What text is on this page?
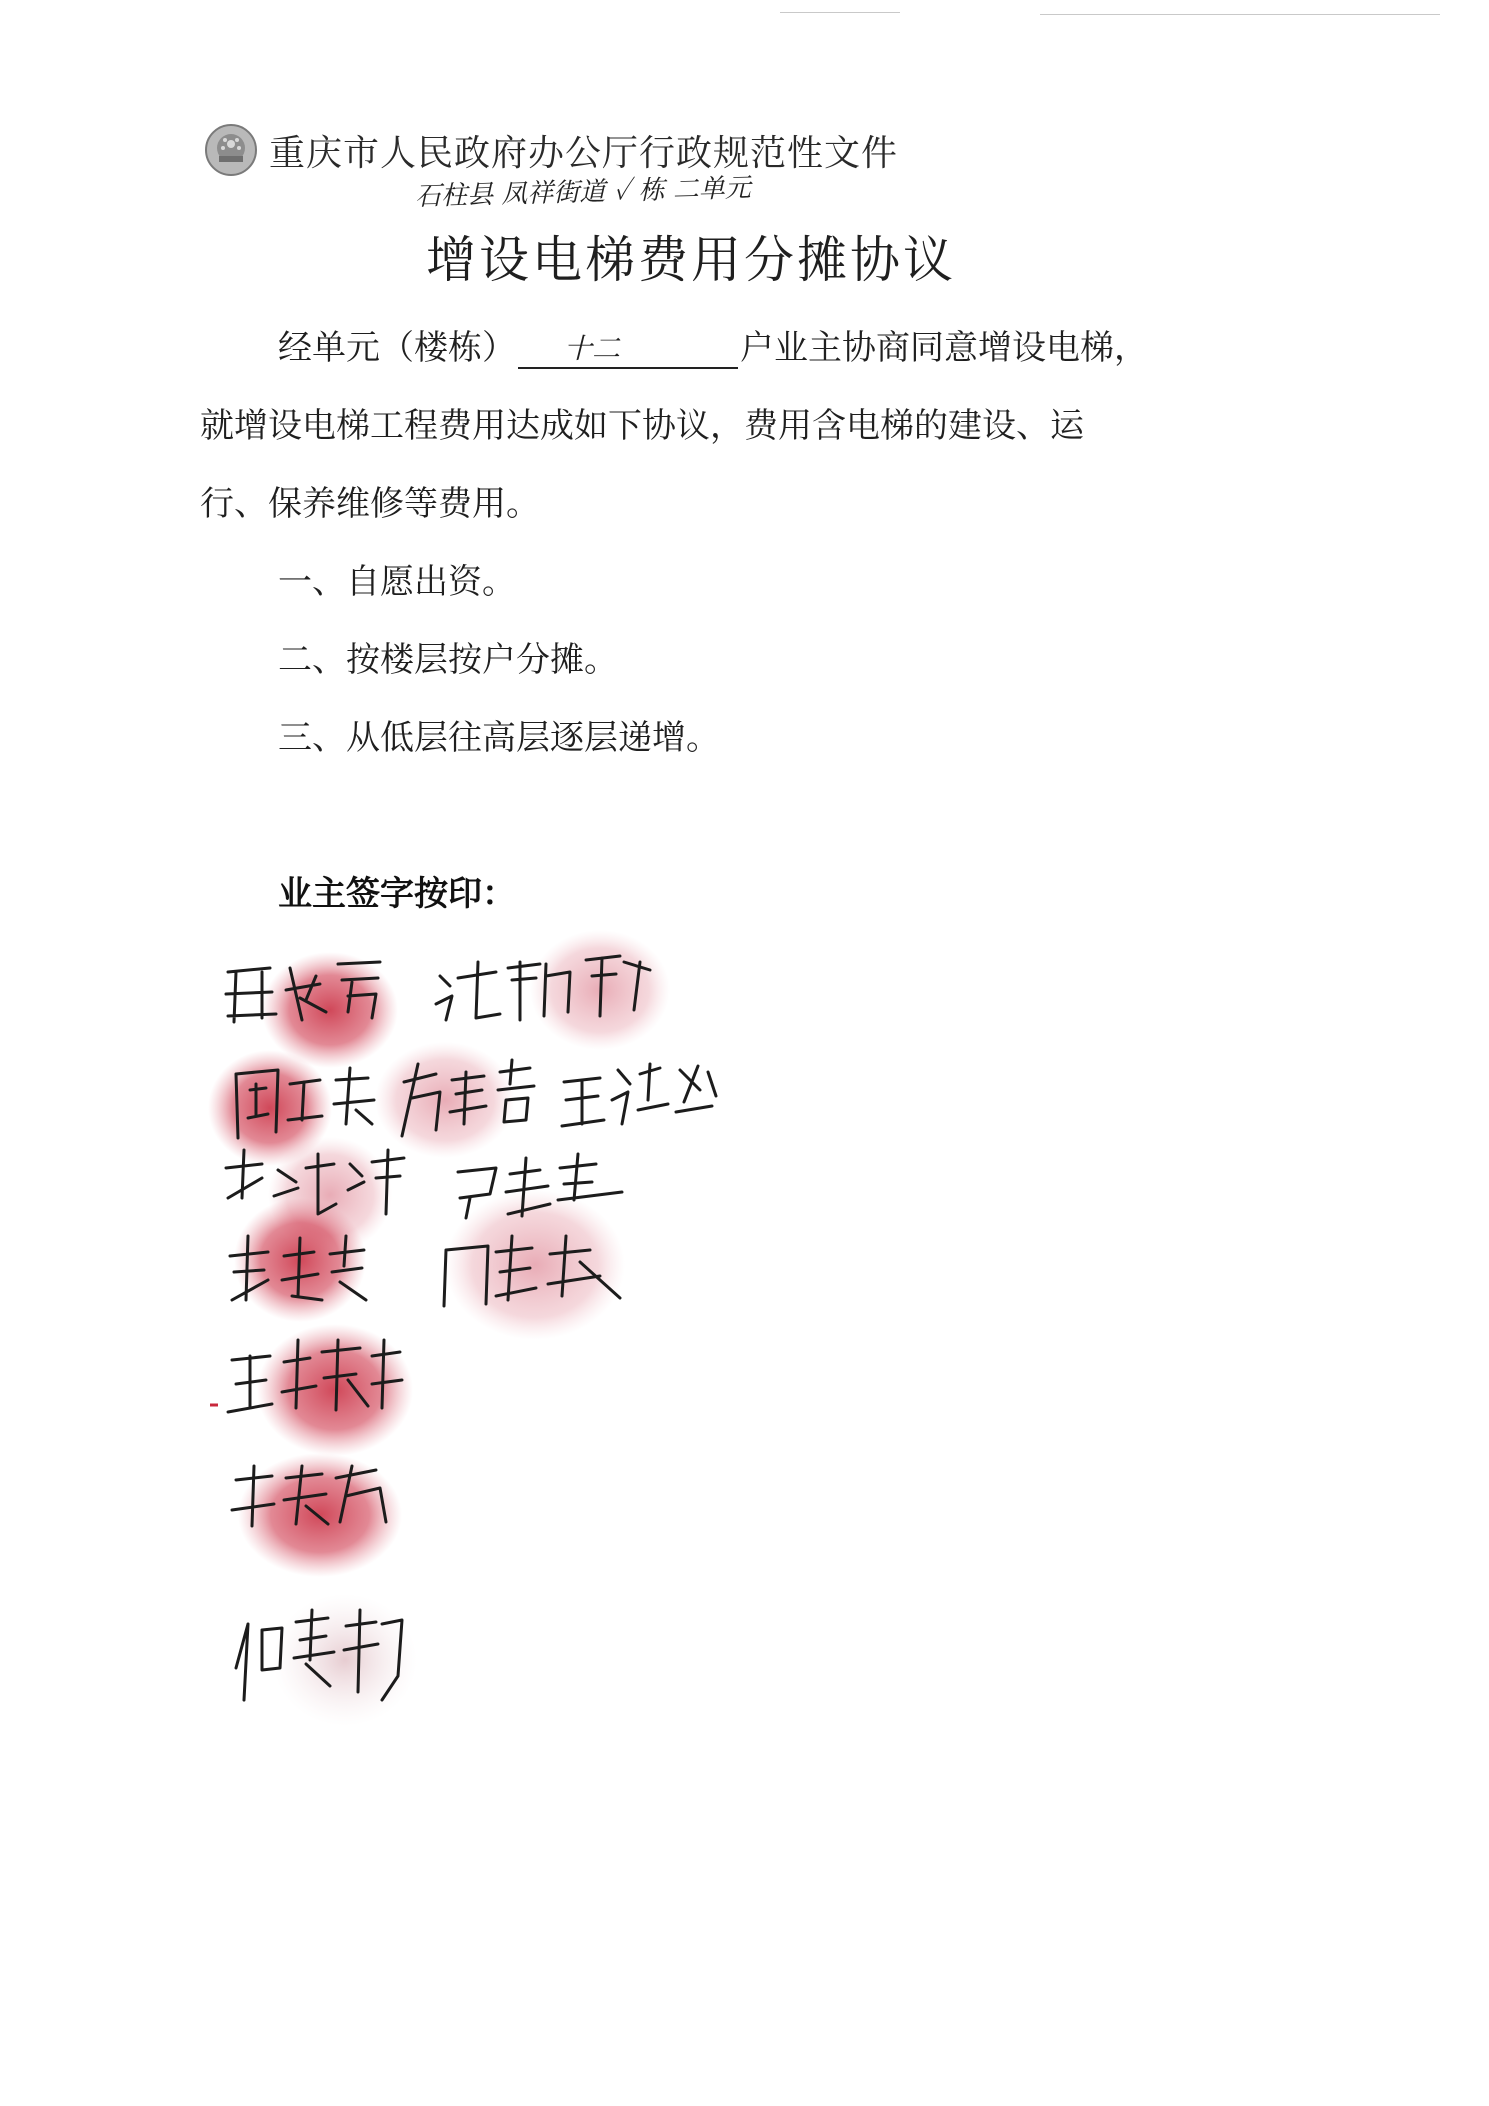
重庆市人民政府办公厅行政规范性文件
石柱县 凤祥街道 ✓ 栋 二单元
增设电梯费用分摊协议
经单元（楼栋） 十二	户业主协商同意增设电梯，
就增设电梯工程费用达成如下协议，费用含电梯的建设、运
行、保养维修等费用。
一、自愿出资。
二、按楼层按户分摊。
三、从低层往高层逐层递增。
业主签字按印：
